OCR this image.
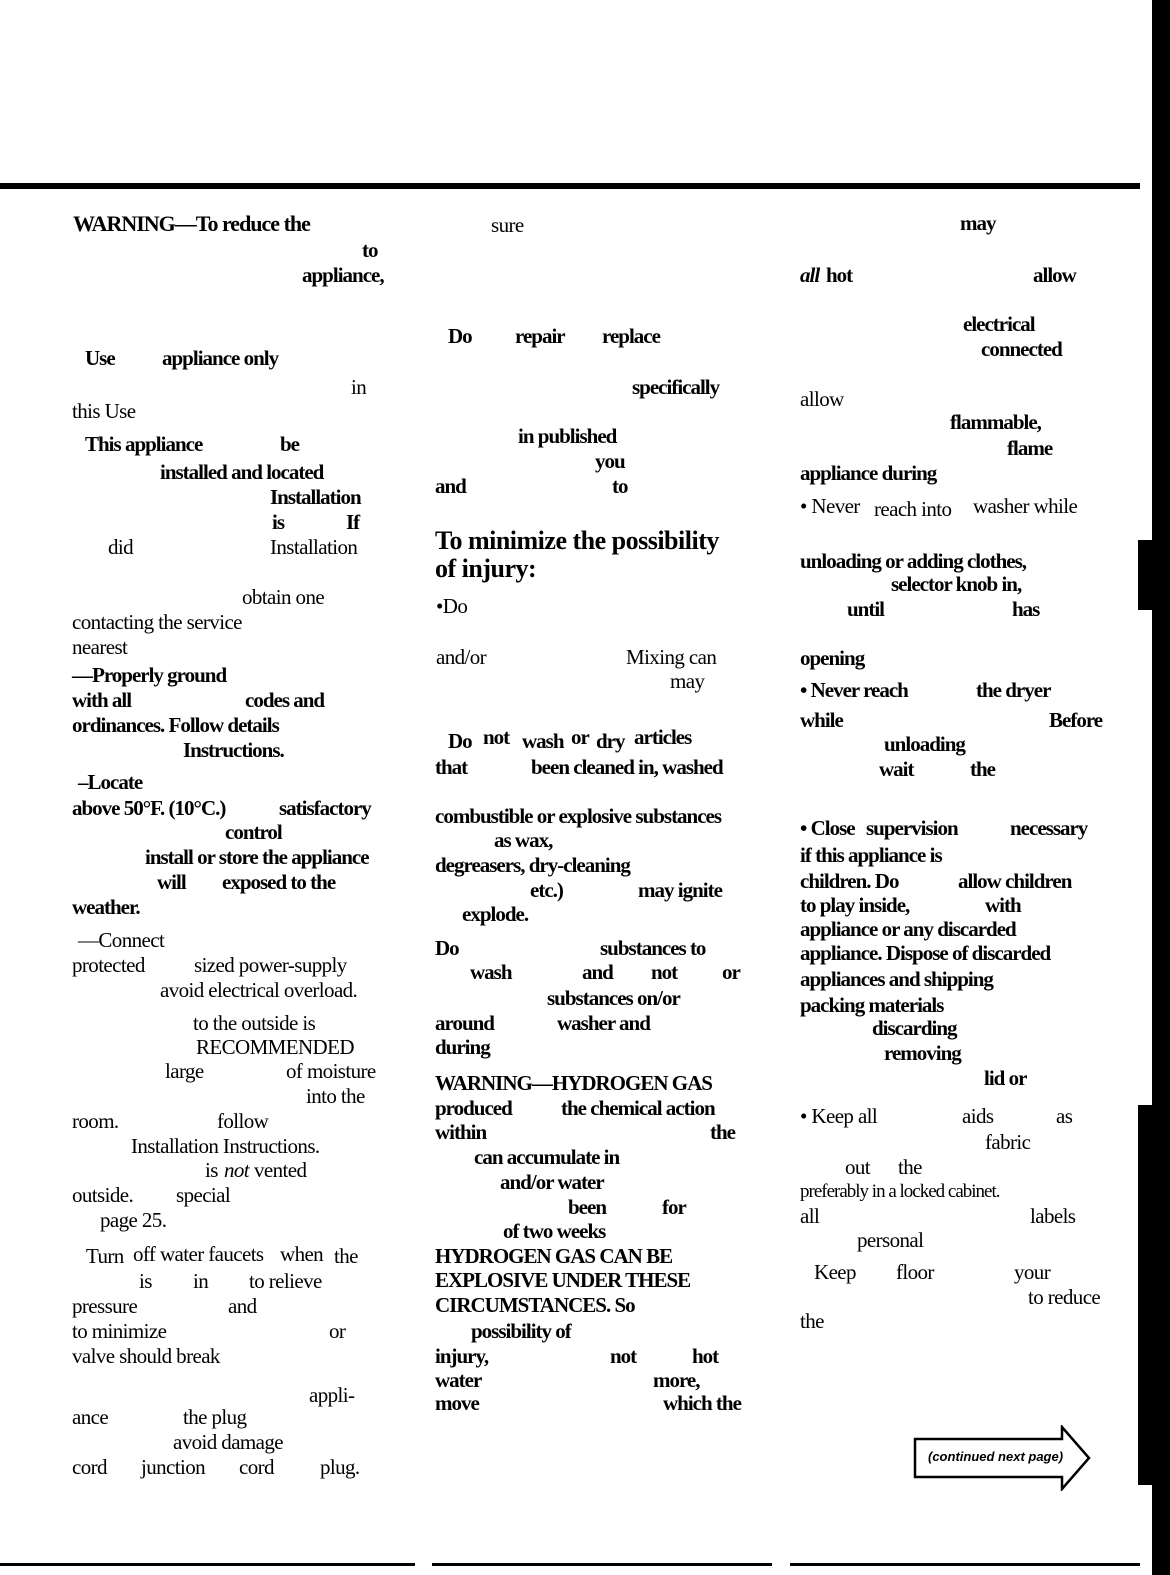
WARNING—To reduce the
to
appliance,
Use appliance only
in
this Use
This appliance	be
installed and located
Installation
is	If
did	Installation
obtain one
contacting the service
nearest
—Properly ground
with all	codes and
ordinances. Follow details
Instructions.
–Locate
above 50°F. (10°C.)	satisfactory
control
install or store the appliance
will exposed to the
weather.
—Connect
protected sized power-supply
avoid electrical overload.
to the outside is
RECOMMENDED
large	of moisture
into the
room.	follow
Installation Instructions.
is not vented
outside. special
page 25.
Turn off water faucets when the
is in to relieve
pressure	and
to minimize	or
valve should break
appli-
ance	the plug
avoid damage
cord junction cord plug.
sure
Do repair replace
specifically
in published
you
and	to
To minimize the possibility
of injury:
•Do
and/or	Mixing can
may
Do not wash or dry articles
that	been cleaned in, washed
combustible or explosive substances
as wax,
degreasers, dry-cleaning
etc.)	may ignite
explode.
Do	substances to
wash	and not or
substances on/or
around	washer and
during
WARNING—HYDROGEN GAS
produced the chemical action
within	the
can accumulate in
and/or water
been	for
of two weeks
HYDROGEN GAS CAN BE
EXPLOSIVE UNDER THESE
CIRCUMSTANCES. So
possibility of
injury,	not	hot
water	more,
move	which the
may
all hot	allow
electrical
connected
allow
flammable,
flame
appliance during
• Never reach into washer while
unloading or adding clothes,
selector knob in,
until	has
opening
• Never reach	the dryer
while	Before
unloading
wait	the
• Close supervision necessary
if this appliance is
children. Do	allow children
to play inside,	with
appliance or any discarded
appliance. Dispose of discarded
appliances and shipping
packing materials
discarding
removing
lid or
• Keep all	aids	as
fabric
out the
preferably in a locked cabinet.
all	labels
personal
Keep floor	your
to reduce
the
(continued next page)
